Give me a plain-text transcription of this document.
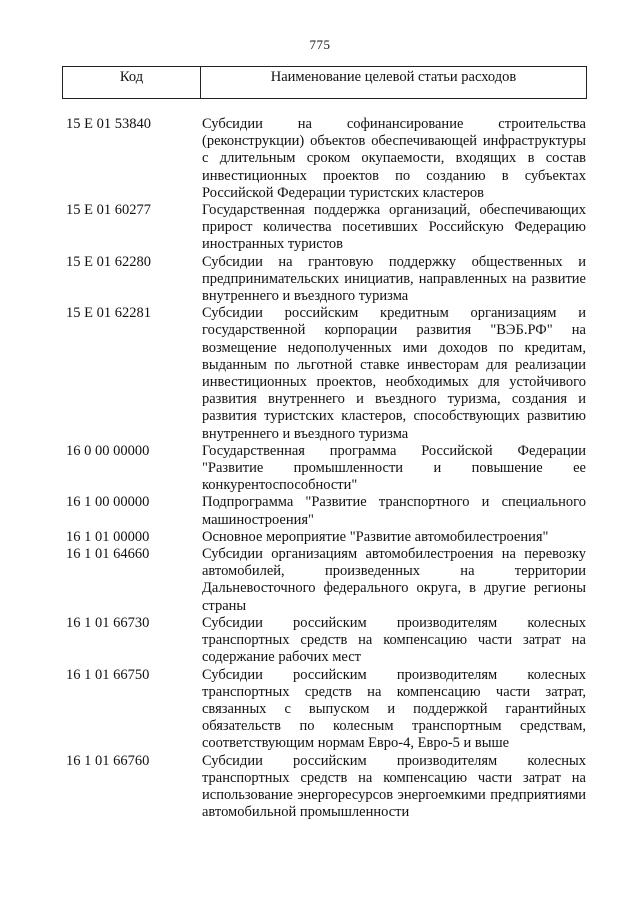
775
Код	Наименование целевой статьи расходов
15 Е 01 53840	Субсидии на софинансирование строительства (реконструкции) объектов обеспечивающей инфраструктуры с длительным сроком окупаемости, входящих в состав инвестиционных проектов по созданию в субъектах Российской Федерации туристских кластеров
15 Е 01 60277	Государственная поддержка организаций, обеспечивающих прирост количества посетивших Российскую Федерацию иностранных туристов
15 Е 01 62280	Субсидии на грантовую поддержку общественных и предпринимательских инициатив, направленных на развитие внутреннего и въездного туризма
15 Е 01 62281	Субсидии российским кредитным организациям и государственной корпорации развития "ВЭБ.РФ" на возмещение недополученных ими доходов по кредитам, выданным по льготной ставке инвесторам для реализации инвестиционных проектов, необходимых для устойчивого развития внутреннего и въездного туризма, создания и развития туристских кластеров, способствующих развитию внутреннего и въездного туризма
16 0 00 00000	Государственная программа Российской Федерации "Развитие промышленности и повышение ее конкурентоспособности"
16 1 00 00000	Подпрограмма "Развитие транспортного и специального машиностроения"
16 1 01 00000	Основное мероприятие "Развитие автомобилестроения"
16 1 01 64660	Субсидии организациям автомобилестроения на перевозку автомобилей, произведенных на территории Дальневосточного федерального округа, в другие регионы страны
16 1 01 66730	Субсидии российским производителям колесных транспортных средств на компенсацию части затрат на содержание рабочих мест
16 1 01 66750	Субсидии российским производителям колесных транспортных средств на компенсацию части затрат, связанных с выпуском и поддержкой гарантийных обязательств по колесным транспортным средствам, соответствующим нормам Евро-4, Евро-5 и выше
16 1 01 66760	Субсидии российским производителям колесных транспортных средств на компенсацию части затрат на использование энергоресурсов энергоемкими предприятиями автомобильной промышленности
